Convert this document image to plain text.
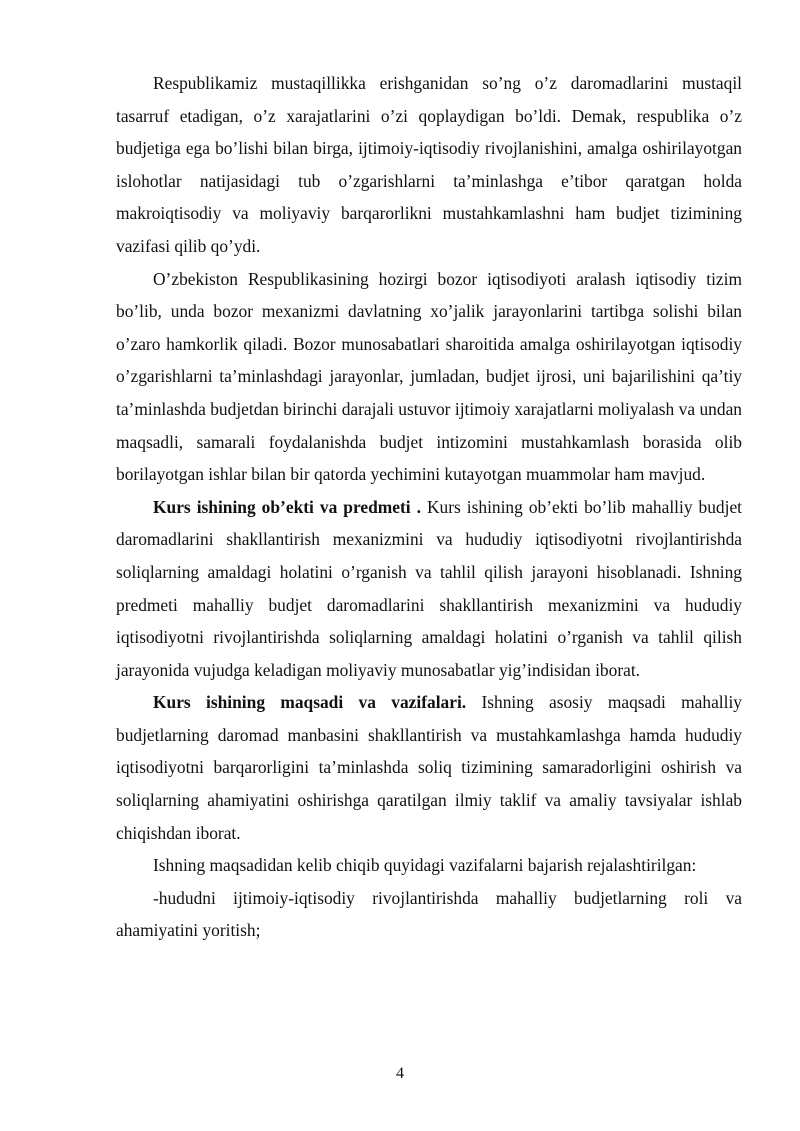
Respublikamiz mustaqillikka erishganidan so’ng o’z daromadlarini mustaqil tasarruf etadigan, o’z xarajatlarini o’zi qoplaydigan bo’ldi. Demak, respublika o’z budjetiga ega bo’lishi bilan birga, ijtimoiy-iqtisodiy rivojlanishini, amalga oshirilayotgan islohotlar natijasidagi tub o’zgarishlarni ta’minlashga e’tibor qaratgan holda makroiqtisodiy va moliyaviy barqarorlikni mustahkamlashni ham budjet tizimining vazifasi qilib qo’ydi.

O’zbekiston Respublikasining hozirgi bozor iqtisodiyoti aralash iqtisodiy tizim bo’lib, unda bozor mexanizmi davlatning xo’jalik jarayonlarini tartibga solishi bilan o’zaro hamkorlik qiladi. Bozor munosabatlari sharoitida amalga oshirilayotgan iqtisodiy o’zgarishlarni ta’minlashdagi jarayonlar, jumladan, budjet ijrosi, uni bajarilishini qa’tiy ta’minlashda budjetdan birinchi darajali ustuvor ijtimoiy xarajatlarni moliyalash va undan maqsadli, samarali foydalanishda budjet intizomini mustahkamlash borasida olib borilayotgan ishlar bilan bir qatorda yechimini kutayotgan muammolar ham mavjud.

Kurs ishining ob’ekti va predmeti . Kurs ishining ob’ekti bo’lib mahalliy budjet daromadlarini shakllantirish mexanizmini va hududiy iqtisodiyotni rivojlantirishda soliqlarning amaldagi holatini o’rganish va tahlil qilish jarayoni hisoblanadi. Ishning predmeti mahalliy budjet daromadlarini shakllantirish mexanizmini va hududiy iqtisodiyotni rivojlantirishda soliqlarning amaldagi holatini o’rganish va tahlil qilish jarayonida vujudga keladigan moliyaviy munosabatlar yig’indisidan iborat.

Kurs ishining maqsadi va vazifalari. Ishning asosiy maqsadi mahalliy budjetlarning daromad manbasini shakllantirish va mustahkamlashga hamda hududiy iqtisodiyotni barqarorligini ta’minlashda soliq tizimining samaradorligini oshirish va soliqlarning ahamiyatini oshirishga qaratilgan ilmiy taklif va amaliy tavsiyalar ishlab chiqishdan iborat.

Ishning maqsadidan kelib chiqib quyidagi vazifalarni bajarish rejalashtirilgan:

-hududni ijtimoiy-iqtisodiy rivojlantirishda mahalliy budjetlarning roli va ahamiyatini yoritish;

4
